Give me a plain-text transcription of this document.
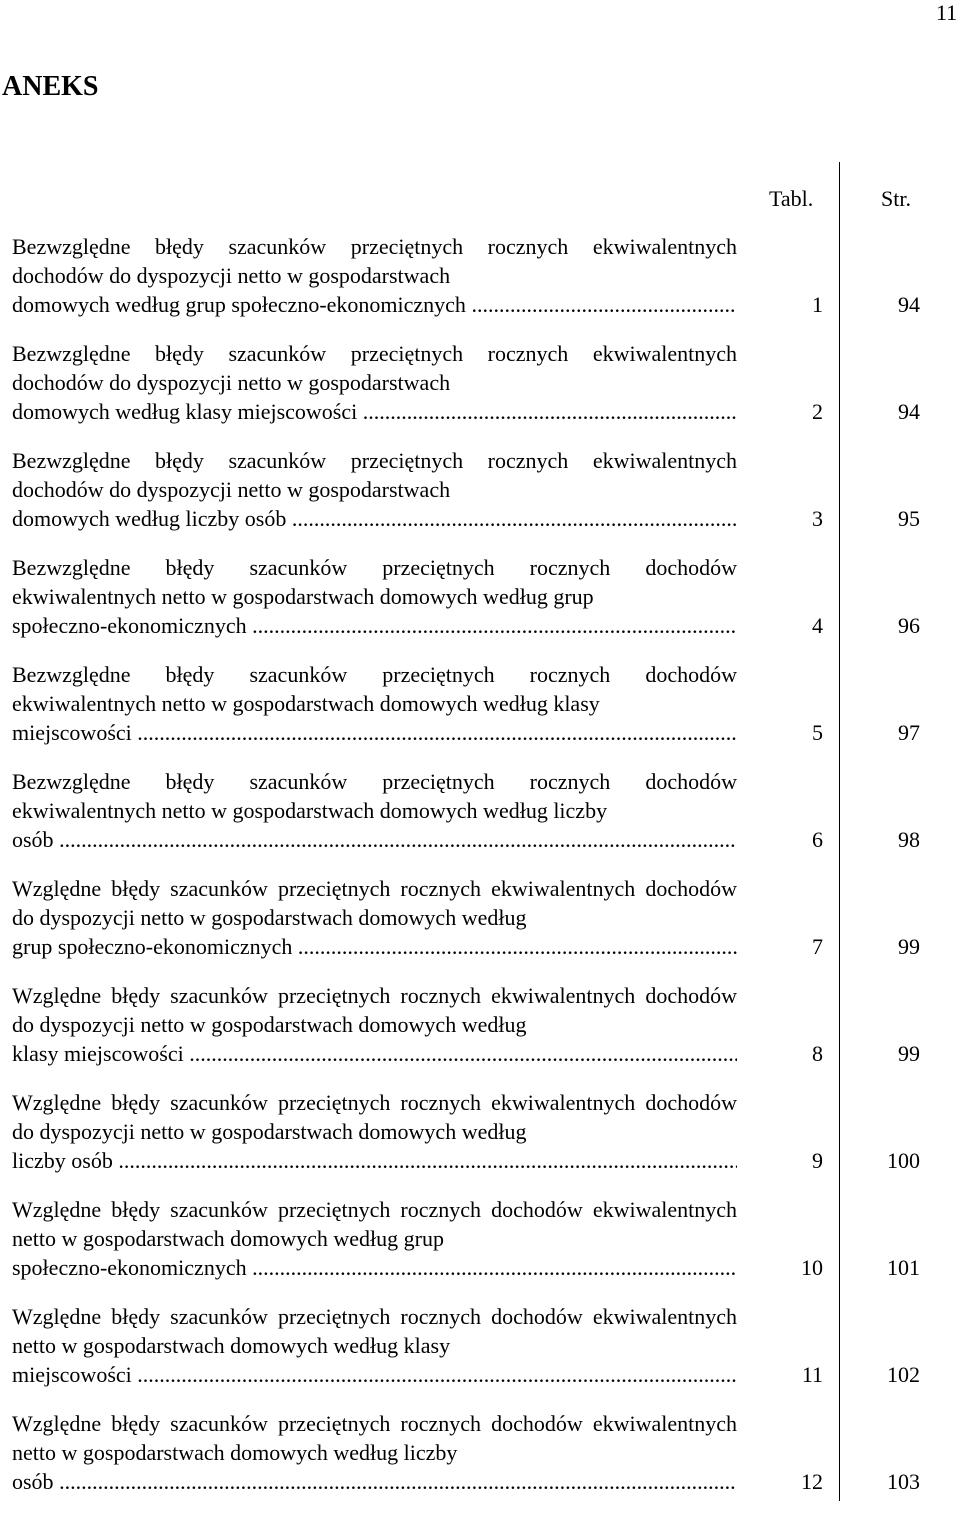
11
ANEKS
Tabl.	Str.
Bezwzględne błędy szacunków przeciętnych rocznych ekwiwalentnych dochodów do dyspozycji netto w gospodarstwach
domowych według grup społeczno-ekonomicznych .....	1	94
Bezwzględne błędy szacunków przeciętnych rocznych ekwiwalentnych dochodów do dyspozycji netto w gospodarstwach
domowych według klasy miejscowości .....	2	94
Bezwzględne błędy szacunków przeciętnych rocznych ekwiwalentnych dochodów do dyspozycji netto w gospodarstwach
domowych według liczby osób .....	3	95
Bezwzględne błędy szacunków przeciętnych rocznych dochodów ekwiwalentnych netto w gospodarstwach domowych według grup
społeczno-ekonomicznych .....	4	96
Bezwzględne błędy szacunków przeciętnych rocznych dochodów ekwiwalentnych netto w gospodarstwach domowych według klasy
miejscowości .....	5	97
Bezwzględne błędy szacunków przeciętnych rocznych dochodów ekwiwalentnych netto w gospodarstwach domowych według liczby
osób .....	6	98
Względne błędy szacunków przeciętnych rocznych ekwiwalentnych dochodów do dyspozycji netto w gospodarstwach domowych według
grup społeczno-ekonomicznych .....	7	99
Względne błędy szacunków przeciętnych rocznych ekwiwalentnych dochodów do dyspozycji netto w gospodarstwach domowych według
klasy miejscowości .....	8	99
Względne błędy szacunków przeciętnych rocznych ekwiwalentnych dochodów do dyspozycji netto w gospodarstwach domowych według
liczby osób .....	9	100
Względne błędy szacunków przeciętnych rocznych dochodów ekwiwalentnych netto w gospodarstwach domowych według grup
społeczno-ekonomicznych .....	10	101
Względne błędy szacunków przeciętnych rocznych dochodów ekwiwalentnych netto w gospodarstwach domowych według klasy
miejscowości .....	11	102
Względne błędy szacunków przeciętnych rocznych dochodów ekwiwalentnych netto w gospodarstwach domowych według liczby
osób .....	12	103
